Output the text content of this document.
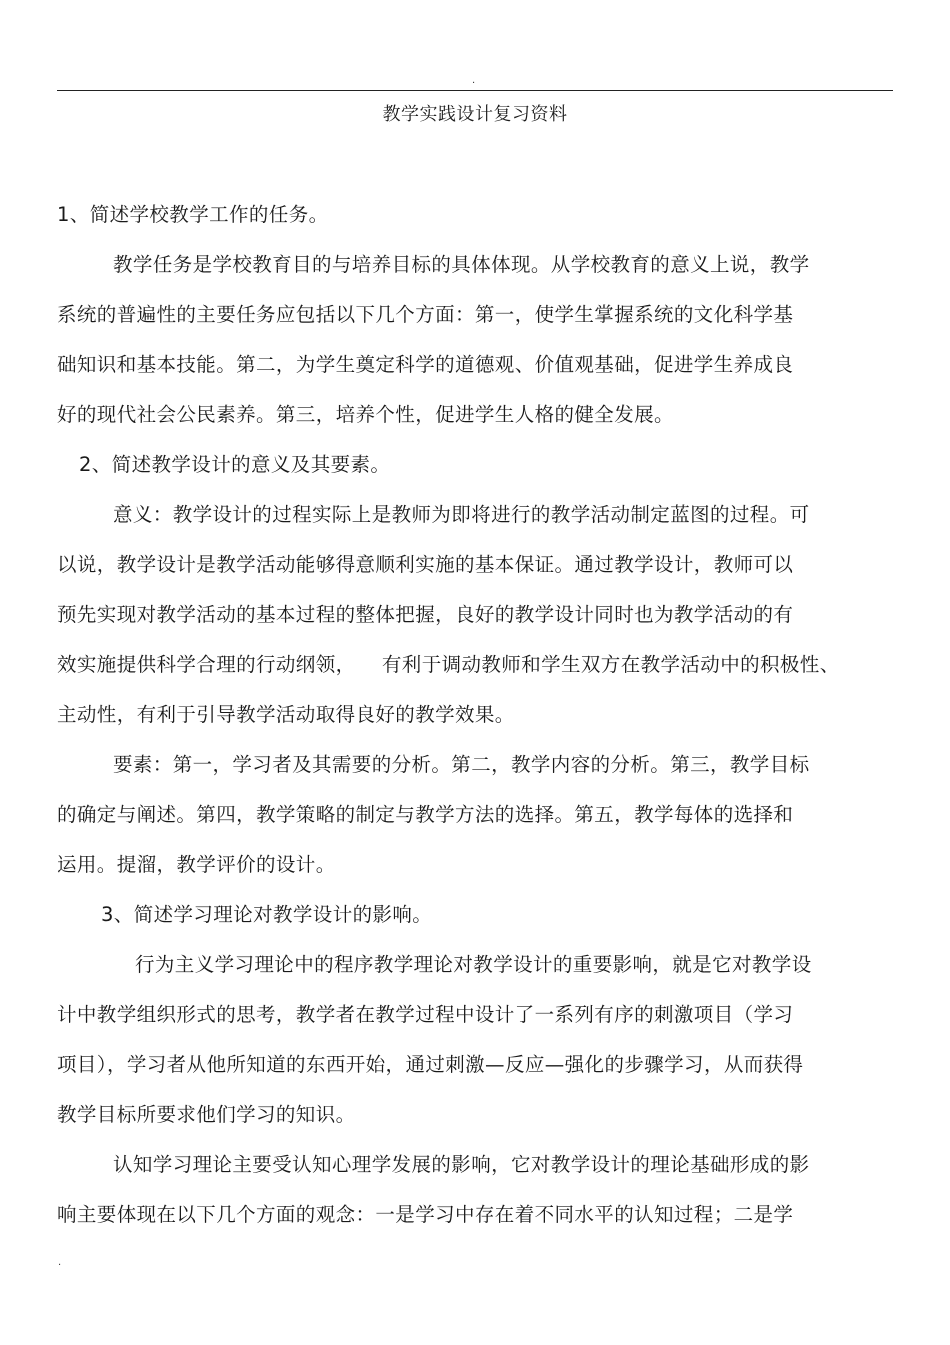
.
教学实践设计复习资料
1、简述学校教学工作的任务。
教学任务是学校教育目的与培养目标的具体体现。从学校教育的意义上说，教学
系统的普遍性的主要任务应包括以下几个方面：第一，使学生掌握系统的文化科学基
础知识和基本技能。第二，为学生奠定科学的道德观、价值观基础，促进学生养成良
好的现代社会公民素养。第三，培养个性，促进学生人格的健全发展。
2、简述教学设计的意义及其要素。
意义：教学设计的过程实际上是教师为即将进行的教学活动制定蓝图的过程。可
以说，教学设计是教学活动能够得意顺利实施的基本保证。通过教学设计，教师可以
预先实现对教学活动的基本过程的整体把握，良好的教学设计同时也为教学活动的有
效实施提供科学合理的行动纲领，    有利于调动教师和学生双方在教学活动中的积极性、
主动性，有利于引导教学活动取得良好的教学效果。
要素：第一，学习者及其需要的分析。第二，教学内容的分析。第三，教学目标
的确定与阐述。第四，教学策略的制定与教学方法的选择。第五，教学每体的选择和
运用。提溜，教学评价的设计。
3、简述学习理论对教学设计的影响。
行为主义学习理论中的程序教学理论对教学设计的重要影响，就是它对教学设
计中教学组织形式的思考，教学者在教学过程中设计了一系列有序的刺激项目（学习
项目），学习者从他所知道的东西开始，通过刺激—反应—强化的步骤学习，从而获得
教学目标所要求他们学习的知识。
认知学习理论主要受认知心理学发展的影响，它对教学设计的理论基础形成的影
响主要体现在以下几个方面的观念：一是学习中存在着不同水平的认知过程；二是学
.
